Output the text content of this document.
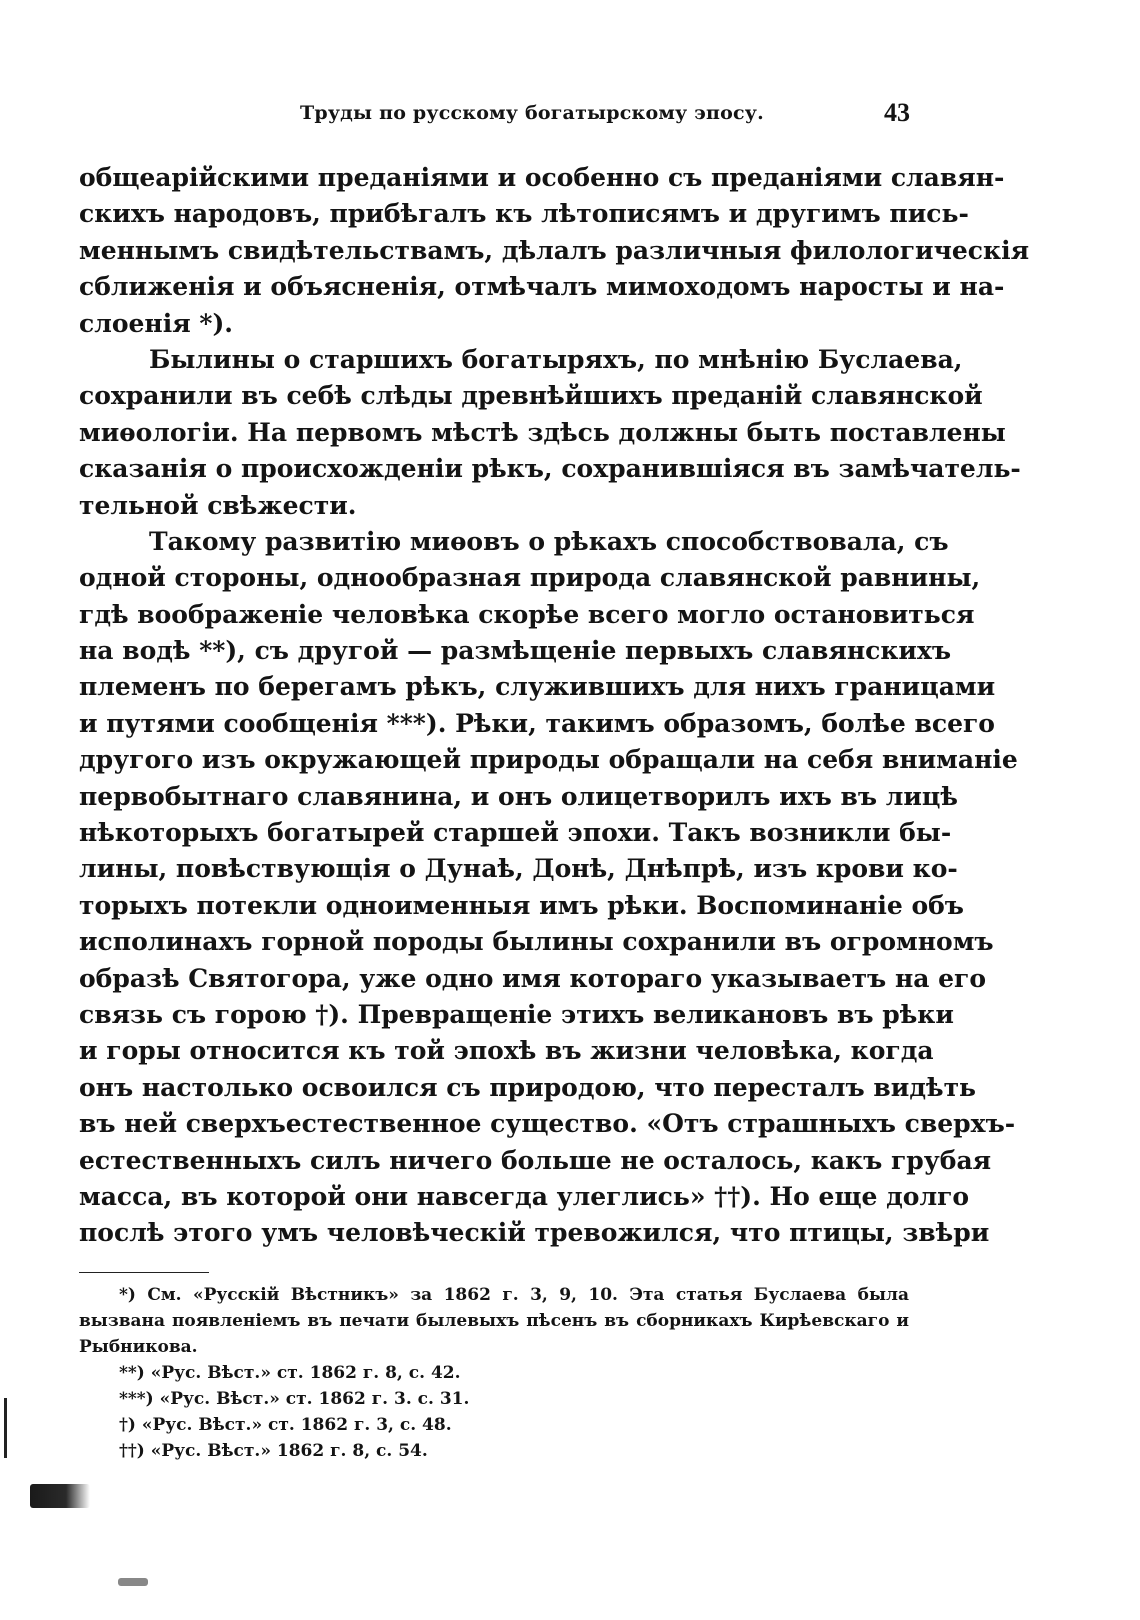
Труды по русскому богатырскому эпосу.	43
общеарійскими преданіями и особенно съ преданіями славян-
скихъ народовъ, прибѣгалъ къ лѣтописямъ и другимъ пись-
меннымъ свидѣтельствамъ, дѣлалъ различныя филологическія
сближенія и объясненія, отмѣчалъ мимоходомъ наросты и на-
слоенія *).
Былины о старшихъ богатыряхъ, по мнѣнію Буслаева,
сохранили въ себѣ слѣды древнѣйшихъ преданій славянской
миѳологіи. На первомъ мѣстѣ здѣсь должны быть поставлены
сказанія о происхожденіи рѣкъ, сохранившіяся въ замѣчатель-
тельной свѣжести.
Такому развитію миѳовъ о рѣкахъ способствовала, съ
одной стороны, однообразная природа славянской равнины,
гдѣ воображеніе человѣка скорѣе всего могло остановиться
на водѣ **), съ другой — размѣщеніе первыхъ славянскихъ
племенъ по берегамъ рѣкъ, служившихъ для нихъ границами
и путями сообщенія ***). Рѣки, такимъ образомъ, болѣе всего
другого изъ окружающей природы обращали на себя вниманіе
первобытнаго славянина, и онъ олицетворилъ ихъ въ лицѣ
нѣкоторыхъ богатырей старшей эпохи. Такъ возникли бы-
лины, повѣствующія о Дунаѣ, Донѣ, Днѣпрѣ, изъ крови ко-
торыхъ потекли одноименныя имъ рѣки. Воспоминаніе объ
исполинахъ горной породы былины сохранили въ огромномъ
образѣ Святогора, уже одно имя котораго указываетъ на его
связь съ горою †). Превращеніе этихъ великановъ въ рѣки
и горы относится къ той эпохѣ въ жизни человѣка, когда
онъ настолько освоился съ природою, что пересталъ видѣть
въ ней сверхъестественное существо. «Отъ страшныхъ сверхъ-
естественныхъ силъ ничего больше не осталось, какъ грубая
масса, въ которой они навсегда улеглись» ††). Но еще долго
послѣ этого умъ человѣческій тревожился, что птицы, звѣри
*) См. «Русскій Вѣстникъ» за 1862 г. 3, 9, 10. Эта статья Буслаева была
вызвана появленіемъ въ печати былевыхъ пѣсенъ въ сборникахъ Кирѣевскаго и
Рыбникова.
**) «Рус. Вѣст.» ст. 1862 г. 8, с. 42.
***) «Рус. Вѣст.» ст. 1862 г. 3. с. 31.
†) «Рус. Вѣст.» ст. 1862 г. 3, с. 48.
††) «Рус. Вѣст.» 1862 г. 8, с. 54.
